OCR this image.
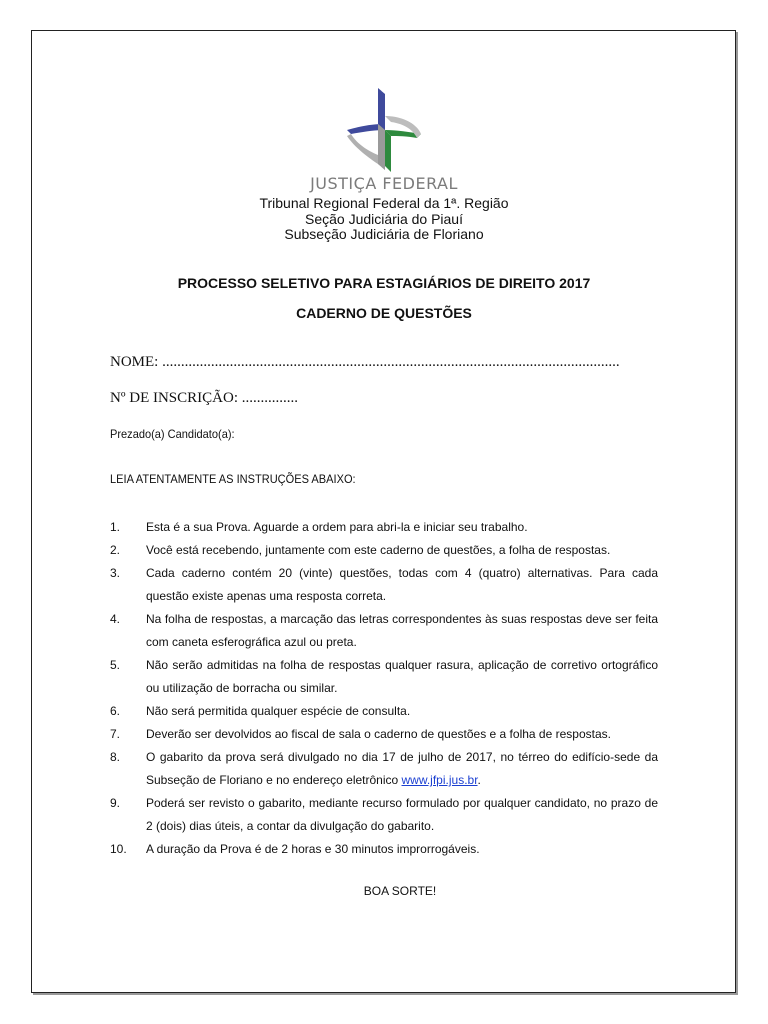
JUSTIÇA FEDERAL
Tribunal Regional Federal da 1ª. Região
Seção Judiciária do Piauí
Subseção Judiciária de Floriano
PROCESSO SELETIVO PARA ESTAGIÁRIOS DE DIREITO 2017
CADERNO DE QUESTÕES
NOME: ..........................................................................................................................
Nº DE INSCRIÇÃO: ...............
Prezado(a) Candidato(a):
LEIA ATENTAMENTE AS INSTRUÇÕES ABAIXO:
1. Esta é a sua Prova. Aguarde a ordem para abri-la e iniciar seu trabalho.
2. Você está recebendo, juntamente com este caderno de questões, a folha de respostas.
3. Cada caderno contém 20 (vinte) questões, todas com 4 (quatro) alternativas. Para cada questão existe apenas uma resposta correta.
4. Na folha de respostas, a marcação das letras correspondentes às suas respostas deve ser feita com caneta esferográfica azul ou preta.
5. Não serão admitidas na folha de respostas qualquer rasura, aplicação de corretivo ortográfico ou utilização de borracha ou similar.
6. Não será permitida qualquer espécie de consulta.
7. Deverão ser devolvidos ao fiscal de sala o caderno de questões e a folha de respostas.
8. O gabarito da prova será divulgado no dia 17 de julho de 2017, no térreo do edifício-sede da Subseção de Floriano e no endereço eletrônico www.jfpi.jus.br.
9. Poderá ser revisto o gabarito, mediante recurso formulado por qualquer candidato, no prazo de 2 (dois) dias úteis, a contar da divulgação do gabarito.
10. A duração da Prova é de 2 horas e 30 minutos improrrogáveis.
BOA SORTE!
